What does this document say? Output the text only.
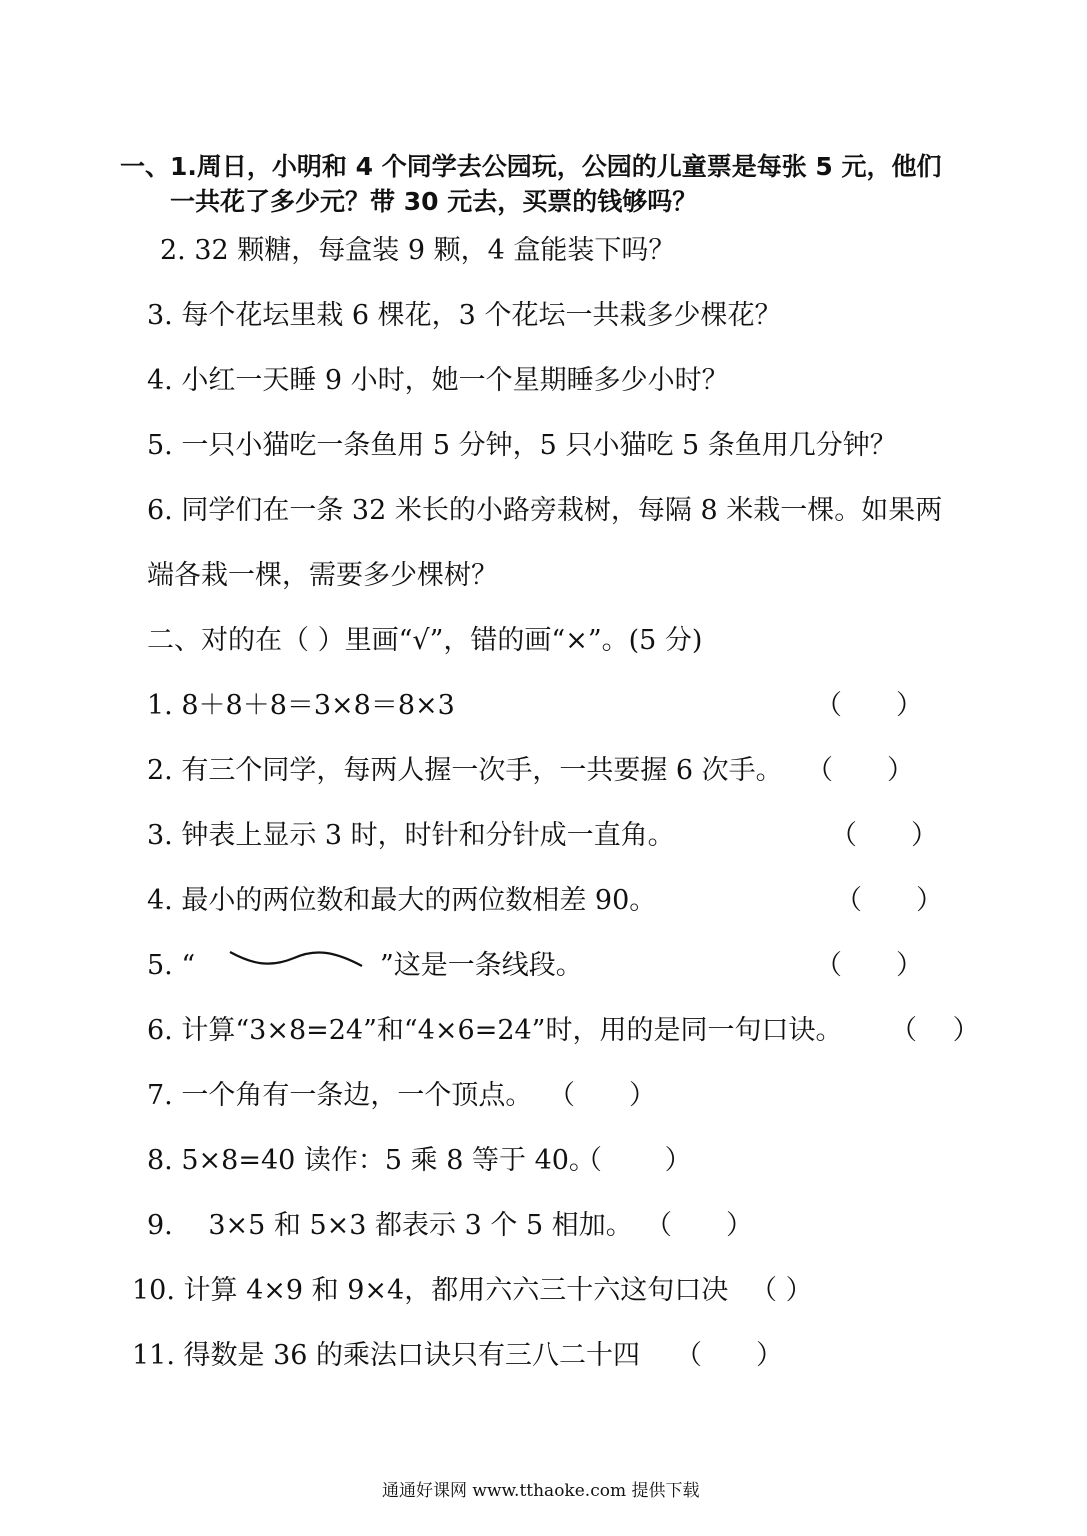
一、1.周日，小明和 4 个同学去公园玩，公园的儿童票是每张 5 元，他们
一共花了多少元？带 30 元去，买票的钱够吗？
2. 32 颗糖，每盒装 9 颗，4 盒能装下吗？
3. 每个花坛里栽 6 棵花，3 个花坛一共栽多少棵花？
4. 小红一天睡 9 小时，她一个星期睡多少小时？
5. 一只小猫吃一条鱼用 5 分钟，5 只小猫吃 5 条鱼用几分钟？
6. 同学们在一条 32 米长的小路旁栽树，每隔 8 米栽一棵。如果两
端各栽一棵，需要多少棵树？
二、对的在（ ）里画“√”，错的画“×”。(5 分)
1. 8＋8＋8＝3×8＝8×3	（　　）
2. 有三个同学，每两人握一次手，一共要握 6 次手。 （　　）
3. 钟表上显示 3 时，时针和分针成一直角。	（　　）
4. 最小的两位数和最大的两位数相差 90。	（　　）
5. “	”这是一条线段。	（　　）
6. 计算“3×8=24”和“4×6=24”时，用的是同一句口诀。 （　 ）
7. 一个角有一条边，一个顶点。 （　　）
8. 5×8=40 读作：5 乘 8 等于 40。
（　　 ）
9.　 3×5 和 5×3 都表示 3 个 5 相加。 （　　）
10. 计算 4×9 和 9×4，都用六六三十六这句口决 （ ）
11. 得数是 36 的乘法口诀只有三八二十四 （　　）
通通好课网 www.tthaoke.com 提供下载
